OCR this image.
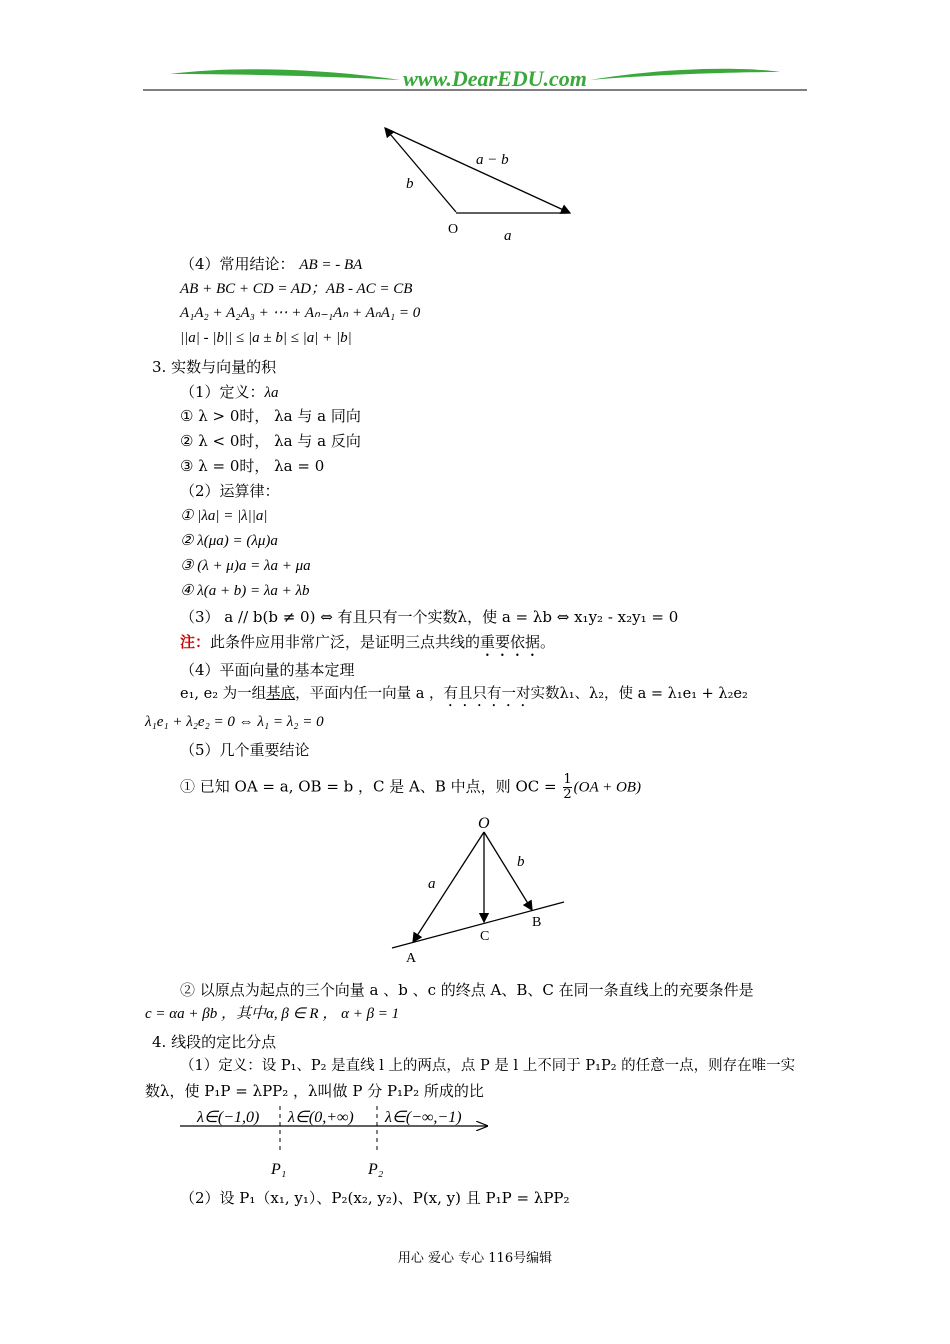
www.DearEDU.com
a − b
b
O	a
（4）常用结论： AB = - BA
AB + BC + CD = AD；AB - AC = CB
A₁A₂ + A₂A₃ + ⋯ + Aₙ₋₁Aₙ + AₙA₁ = 0
||a| - |b|| ≤ |a ± b| ≤ |a| + |b|
3. 实数与向量的积
（1）定义：λa
① λ > 0时， λa 与 a 同向
② λ < 0时， λa 与 a 反向
③ λ = 0时， λa = 0
（2）运算律：
① |λa| = |λ||a|
② λ(μa) = (λμ)a
③ (λ + μ)a = λa + μa
④ λ(a + b) = λa + λb
（3） a // b(b ≠ 0) ⇔ 有且只有一个实数λ，使 a = λb ⇔ x₁y₂ - x₂y₁ = 0
注：此条件应用非常广泛，是证明三点共线的重要依据。
（4）平面向量的基本定理
e₁, e₂ 为一组基底，平面内任一向量 a ，有且只有一对实数λ₁、λ₂，使 a = λ₁e₁ + λ₂e₂
λ₁e₁ + λ₂e₂ = 0 ⇔ λ₁ = λ₂ = 0
（5）几个重要结论
① 已知 OA = a, OB = b ，C 是 A、B 中点，则 OC = $\frac{1}{2} (OA + OB)$
O
a
b
A
B
C
② 以原点为起点的三个向量 a 、b 、c 的终点 A、B、C 在同一条直线上的充要条件是
c = αa + βb ，其中α, β ∈ R ， α + β = 1
4. 线段的定比分点
（1）定义：设 P₁、P₂ 是直线 l 上的两点，点 P 是 l 上不同于 P₁P₂ 的任意一点，则存在唯一实
数λ，使 P₁P = λPP₂ ，λ叫做 P 分 P₁P₂ 所成的比
λ∈(−1,0) λ∈(0,+∞) λ∈(−∞,−1)
P₁	P₂
（2）设 P₁（x₁, y₁）、P₂(x₂, y₂)、P(x, y) 且 P₁P = λPP₂
用心 爱心 专心 116号编辑
